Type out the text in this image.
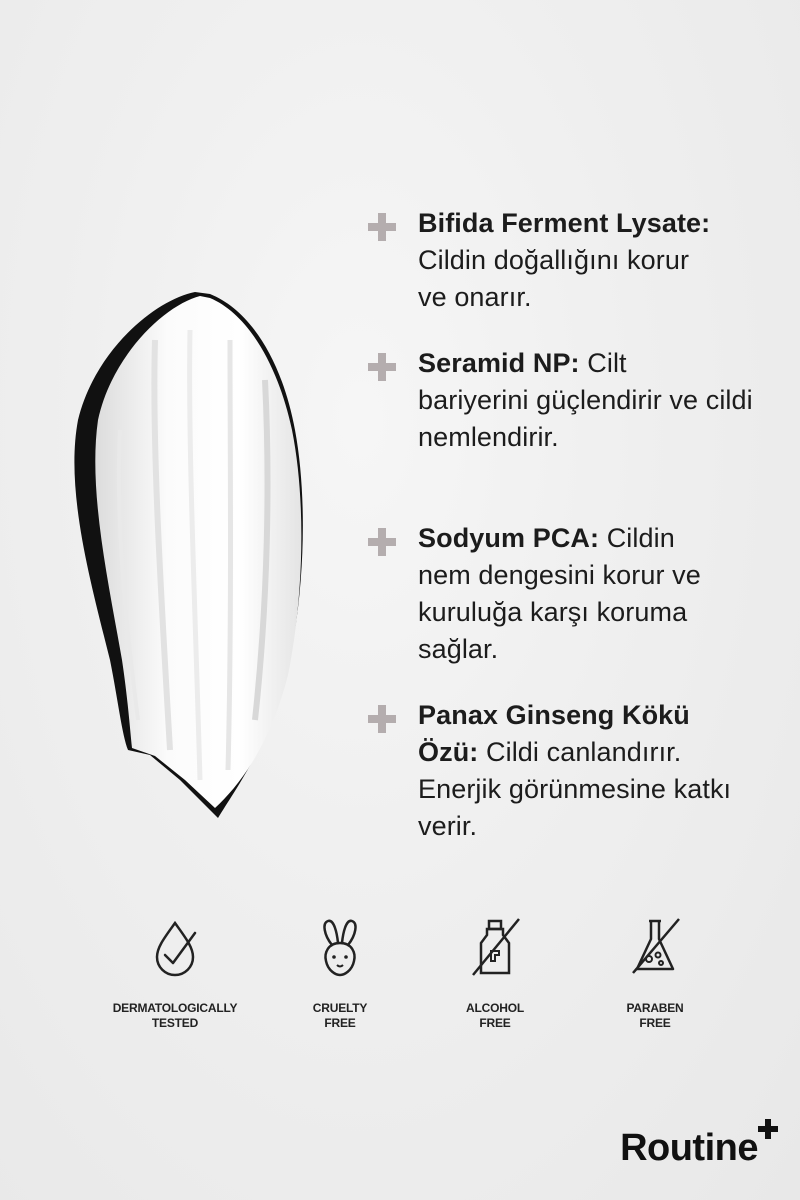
Bifida Ferment Lysate: Cildin doğallığını korur
ve onarır.

Seramid NP: Cilt
bariyerini güçlendirir ve cildi nemlendirir.

Sodyum PCA: Cildin
nem dengesini korur ve kuruluğa karşı koruma sağlar.

Panax Ginseng Kökü Özü: Cildi canlandırır.
Enerjik görünmesine katkı verir.

DERMATOLOGICALLY
TESTED
CRUELTY
FREE
ALCOHOL
FREE
PARABEN
FREE
Routine
